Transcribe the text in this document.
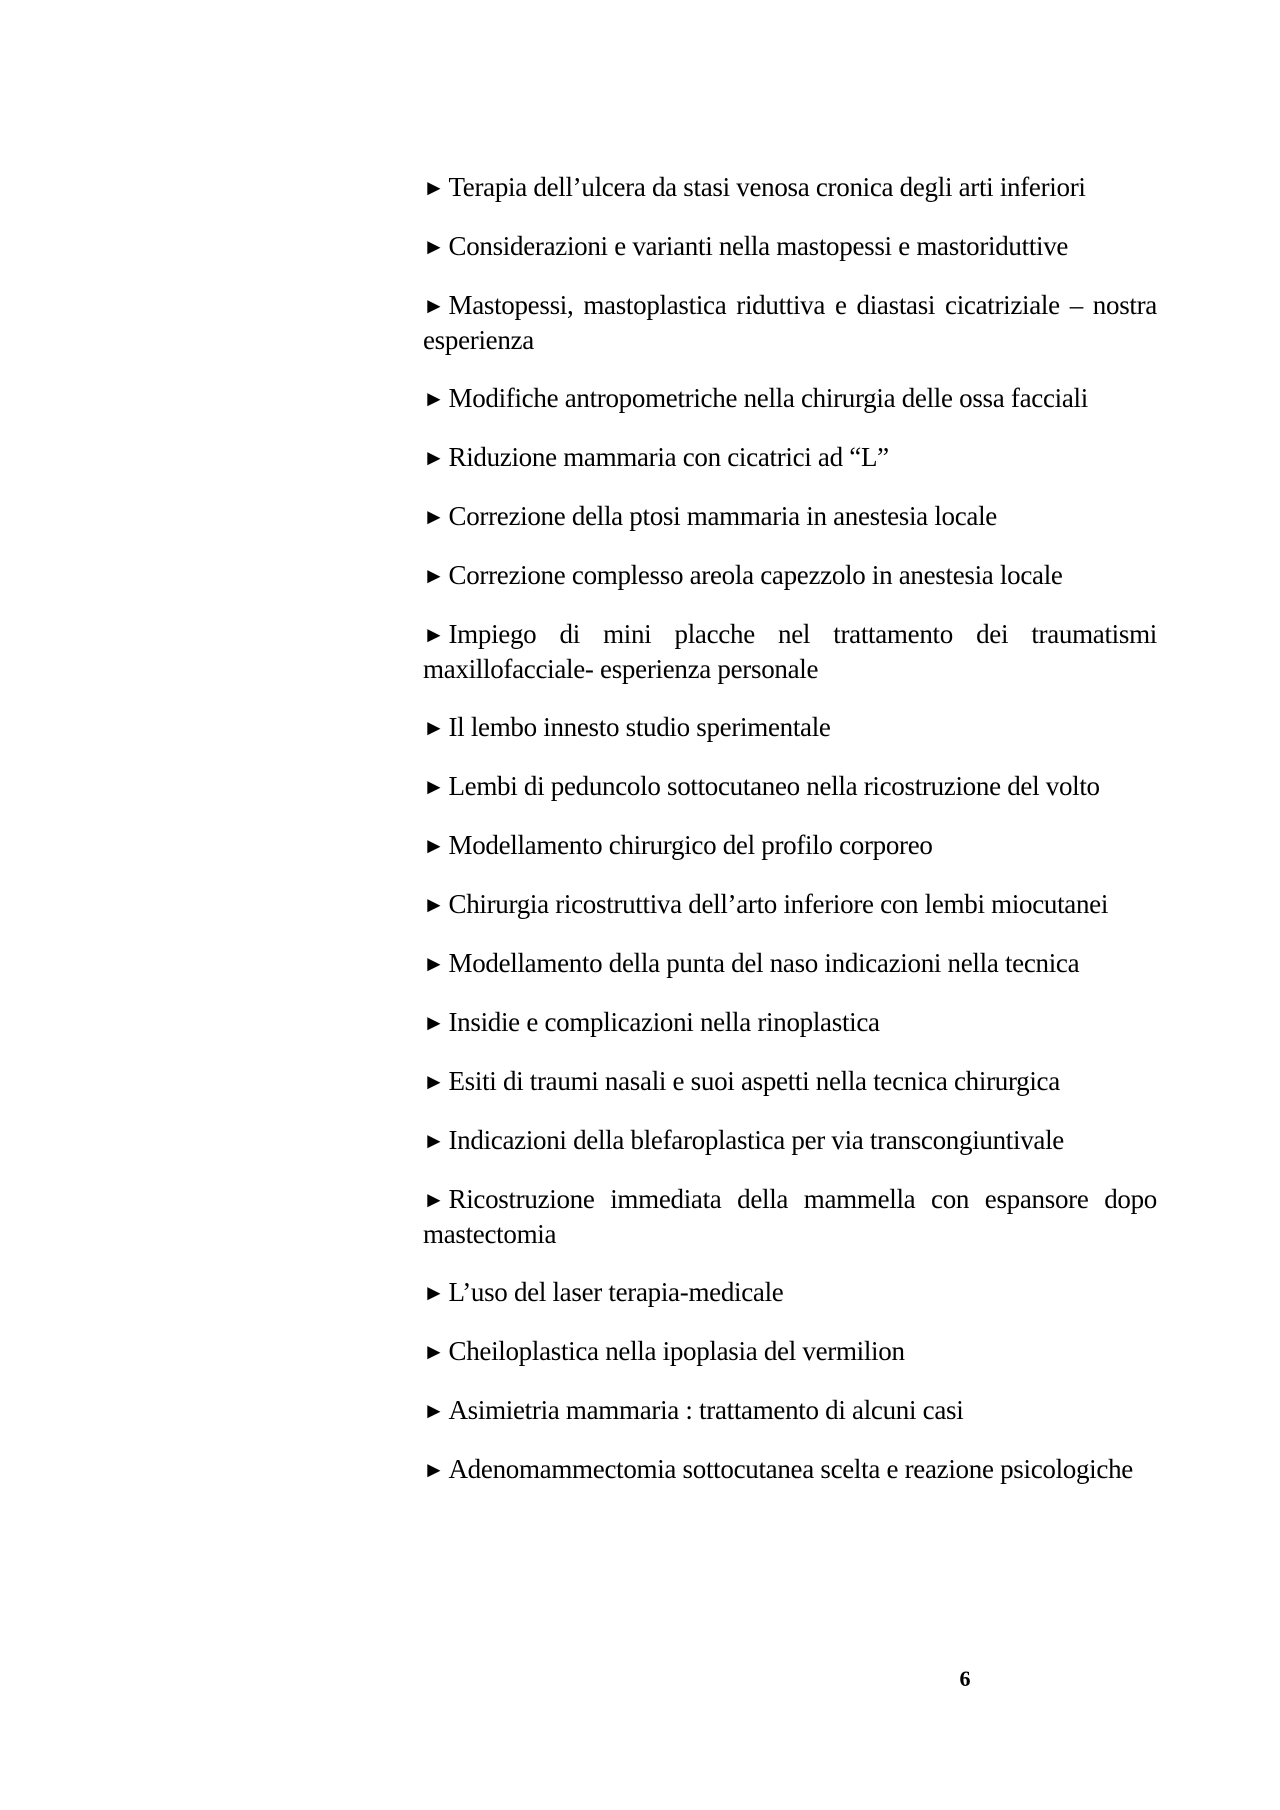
► Terapia dell’ulcera da stasi venosa cronica degli arti inferiori
► Considerazioni e varianti nella mastopessi e mastoriduttive
► Mastopessi, mastoplastica riduttiva e diastasi cicatriziale – nostra esperienza
► Modifiche antropometriche nella chirurgia delle ossa facciali
► Riduzione mammaria con cicatrici ad “L”
► Correzione della ptosi mammaria in anestesia locale
► Correzione complesso areola capezzolo in anestesia locale
► Impiego di mini placche nel trattamento dei traumatismi maxillofacciale- esperienza personale
► Il lembo innesto studio sperimentale
► Lembi di peduncolo sottocutaneo nella ricostruzione del volto
► Modellamento chirurgico del profilo corporeo
► Chirurgia ricostruttiva dell’arto inferiore con lembi miocutanei
► Modellamento della punta del naso indicazioni nella tecnica
► Insidie e complicazioni nella rinoplastica
► Esiti di traumi nasali e suoi aspetti nella tecnica chirurgica
► Indicazioni della blefaroplastica per via transcongiuntivale
► Ricostruzione immediata della mammella con espansore dopo mastectomia
► L’uso del laser terapia-medicale
► Cheiloplastica nella ipoplasia del vermilion
► Asimietria mammaria : trattamento di alcuni casi
► Adenomammectomia sottocutanea scelta e reazione psicologiche
6
